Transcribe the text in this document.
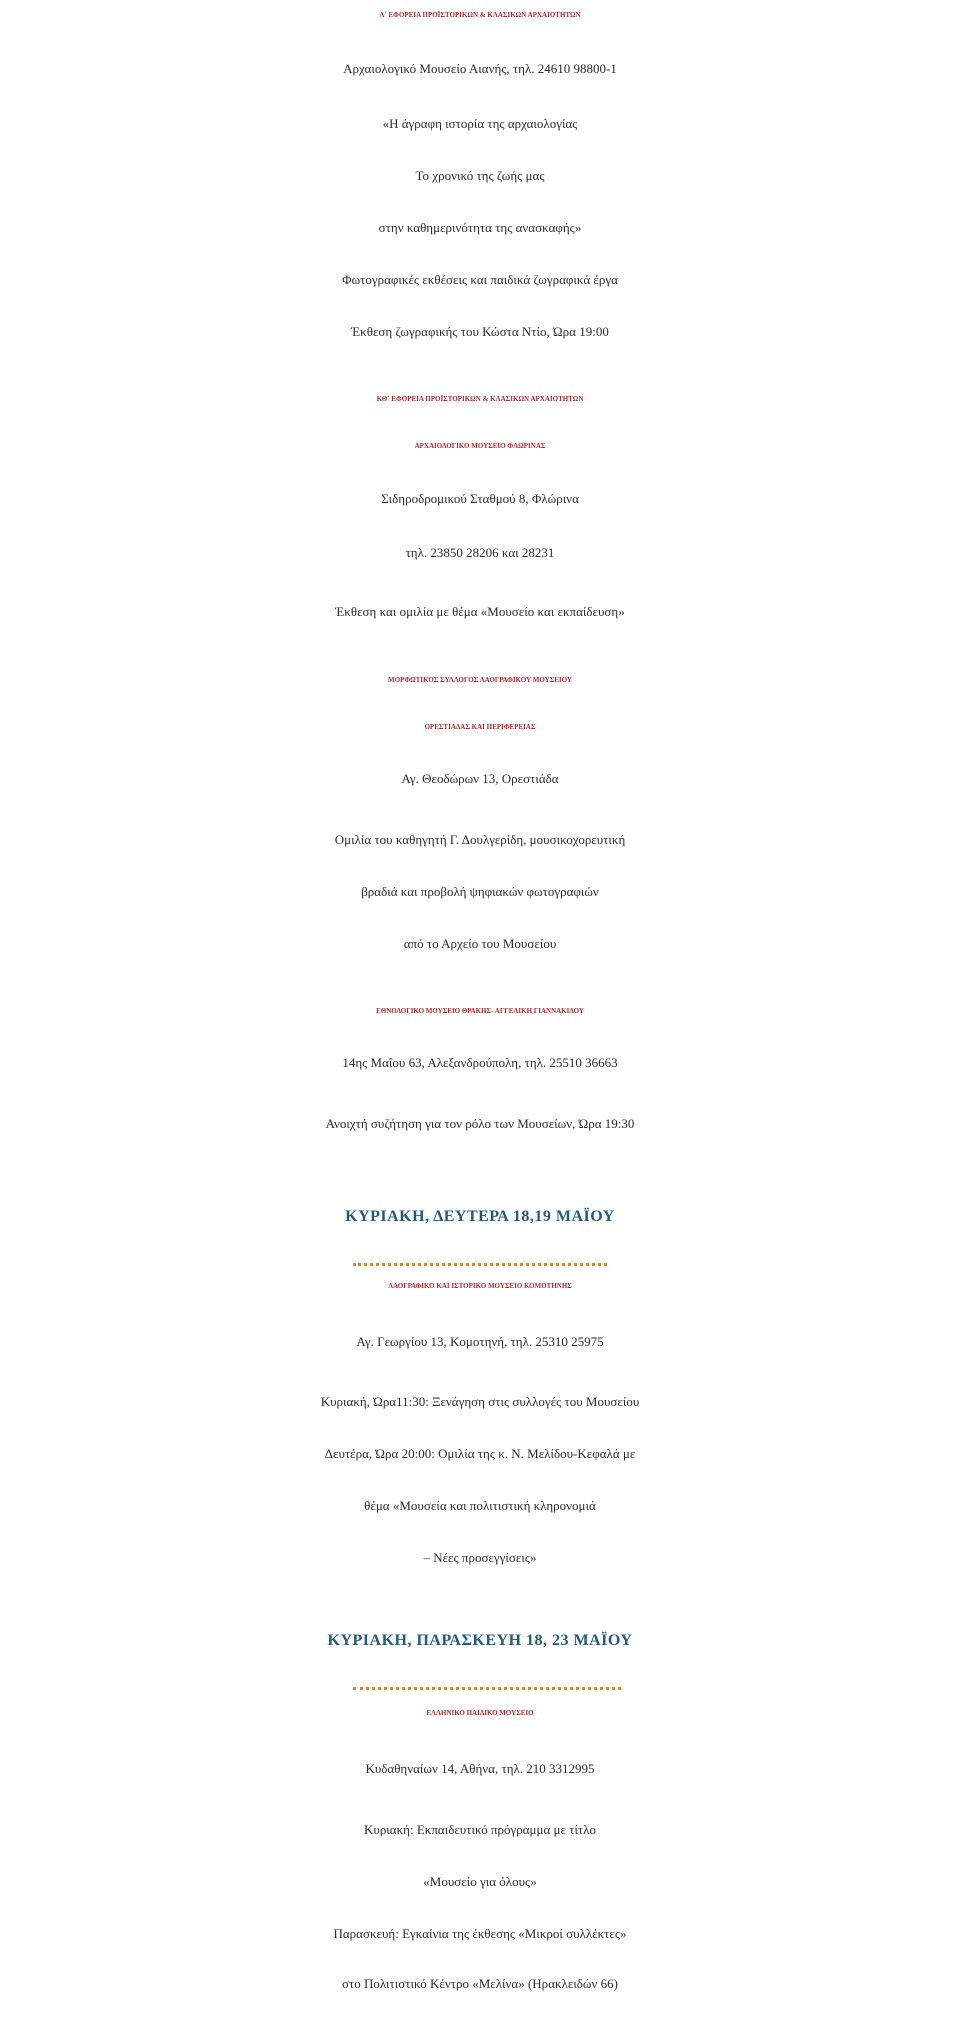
Λ΄ ΕΦΟΡΕΙΑ ΠΡΟΪΣΤΟΡΙΚΩΝ & ΚΛΑΣΙΚΩΝ ΑΡΧΑΙΟΤΗΤΩΝ
Αρχαιολογικό Μουσείο Αιανής, τηλ. 24610 98800-1
«Η άγραφη ιστορία της αρχαιολογίας
Το χρονικό της ζωής μας
στην καθημερινότητα της ανασκαφής»
Φωτογραφικές εκθέσεις και παιδικά ζωγραφικά έργα
Έκθεση ζωγραφικής του Κώστα Ντίο, Ώρα 19:00
ΚΘ΄ ΕΦΟΡΕΙΑ ΠΡΟΪΣΤΟΡΙΚΩΝ & ΚΛΑΣΙΚΩΝ ΑΡΧΑΙΟΤΗΤΩΝ
ΑΡΧΑΙΟΛΟΓΙΚΟ ΜΟΥΣΕΙΟ ΦΛΩΡΙΝΑΣ
Σιδηροδρομικού Σταθμού 8, Φλώρινα
τηλ. 23850 28206 και 28231
Έκθεση και ομιλία με θέμα «Μουσείο και εκπαίδευση»
ΜΟΡΦΩΤΙΚΟΣ ΣΥΛΛΟΓΟΣ ΛΑΟΓΡΑΦΙΚΟΥ ΜΟΥΣΕΙΟΥ
ΟΡΕΣΤΙΑΔΑΣ ΚΑΙ ΠΕΡΙΦΕΡΕΙΑΣ
Αγ. Θεοδώρων 13, Ορεστιάδα
Ομιλία του καθηγητή Γ. Δουλγερίδη, μουσικοχορευτική
βραδιά και προβολή ψηφιακών φωτογραφιών
από το Αρχείο του Μουσείου
ΕΘΝΟΛΟΓΙΚΟ ΜΟΥΣΕΙΟ ΘΡΑΚΗΣ- ΑΓΓΕΛΙΚΗ ΓΙΑΝΝΑΚΙΔΟΥ
14ης Μαΐου 63, Αλεξανδρούπολη, τηλ. 25510 36663
Ανοιχτή συζήτηση για τον ρόλο των Μουσείων, Ώρα 19:30
ΚΥΡΙΑΚΗ, ΔΕΥΤΕΡΑ 18,19 ΜΑΪΟΥ
ΛΑΟΓΡΑΦΙΚΟ ΚΑΙ ΙΣΤΟΡΙΚΟ ΜΟΥΣΕΙΟ ΚΟΜΟΤΗΝΗΣ
Αγ. Γεωργίου 13, Κομοτηνή, τηλ. 25310 25975
Κυριακή, Ώρα11:30: Ξενάγηση στις συλλογές του Μουσείου
Δευτέρα, Ώρα 20:00: Ομιλία της κ. Ν. Μελίδου-Κεφαλά με
θέμα «Μουσεία και πολιτιστική κληρονομιά
– Νέες προσεγγίσεις»
ΚΥΡΙΑΚΗ, ΠΑΡΑΣΚΕΥΗ 18, 23 ΜΑΪΟΥ
ΕΛΛΗΝΙΚΟ ΠΑΙΔΙΚΟ ΜΟΥΣΕΙΟ
Κυδαθηναίων 14, Αθήνα, τηλ. 210 3312995
Κυριακή: Εκπαιδευτικό πρόγραμμα με τίτλο
«Μουσείο για όλους»
Παρασκευή: Εγκαίνια της έκθεσης «Μικροί συλλέκτες»
στο Πολιτιστικό Κέντρο «Μελίνα» (Ηρακλειδών 66)
